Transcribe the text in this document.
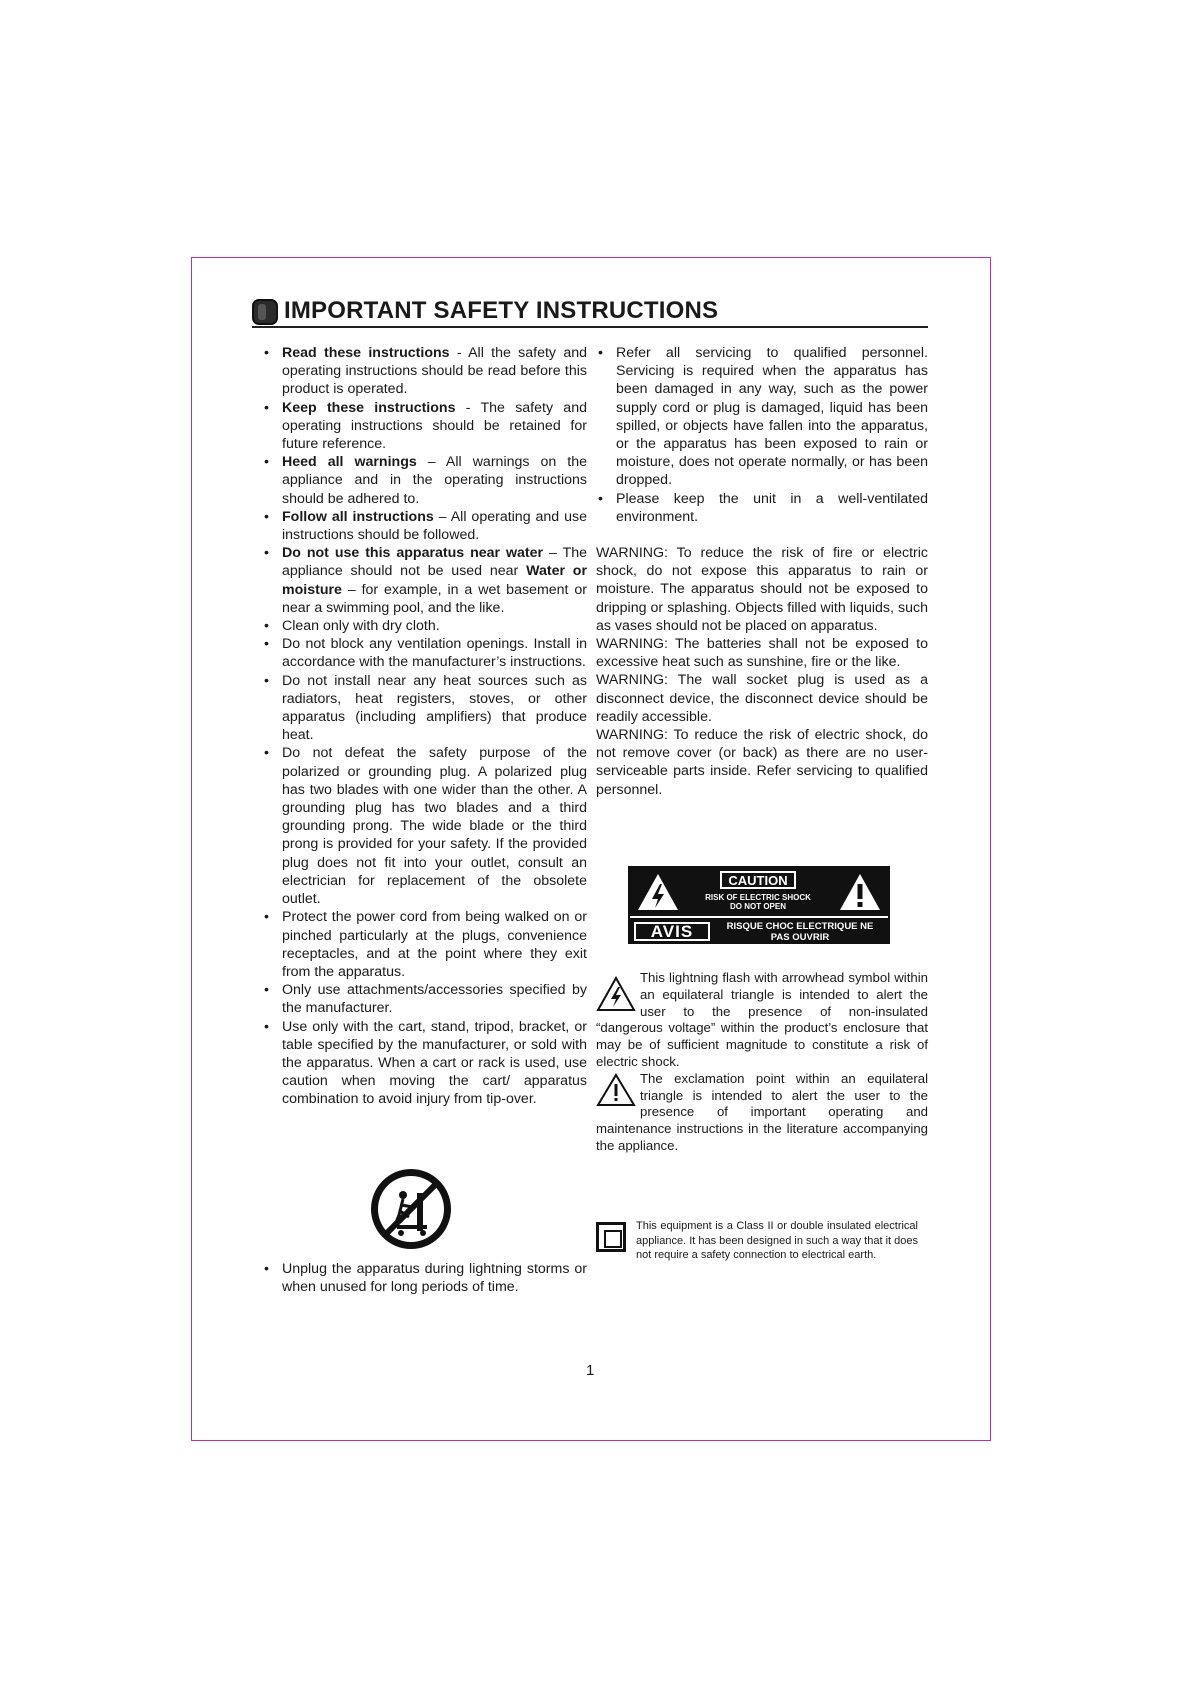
IMPORTANT SAFETY INSTRUCTIONS
• Read these instructions - All the safety and operating instructions should be read before this product is operated.
• Keep these instructions - The safety and operating instructions should be retained for future reference.
• Heed all warnings – All warnings on the appliance and in the operating instructions should be adhered to.
• Follow all instructions – All operating and use instructions should be followed.
• Do not use this apparatus near water – The appliance should not be used near Water or moisture – for example, in a wet basement or near a swimming pool, and the like.
• Clean only with dry cloth.
• Do not block any ventilation openings. Install in accordance with the manufacturer’s instructions.
• Do not install near any heat sources such as radiators, heat registers, stoves, or other apparatus (including amplifiers) that produce heat.
• Do not defeat the safety purpose of the polarized or grounding plug. A polarized plug has two blades with one wider than the other. A grounding plug has two blades and a third grounding prong. The wide blade or the third prong is provided for your safety. If the provided plug does not fit into your outlet, consult an electrician for replacement of the obsolete outlet.
• Protect the power cord from being walked on or pinched particularly at the plugs, convenience receptacles, and at the point where they exit from the apparatus.
• Only use attachments/accessories specified by the manufacturer.
• Use only with the cart, stand, tripod, bracket, or table specified by the manufacturer, or sold with the apparatus. When a cart or rack is used, use caution when moving the cart/ apparatus combination to avoid injury from tip-over.
• Unplug the apparatus during lightning storms or when unused for long periods of time.
• Refer all servicing to qualified personnel. Servicing is required when the apparatus has been damaged in any way, such as the power supply cord or plug is damaged, liquid has been spilled, or objects have fallen into the apparatus, or the apparatus has been exposed to rain or moisture, does not operate normally, or has been dropped.
• Please keep the unit in a well-ventilated environment.

WARNING: To reduce the risk of fire or electric shock, do not expose this apparatus to rain or moisture. The apparatus should not be exposed to dripping or splashing. Objects filled with liquids, such as vases should not be placed on apparatus.

WARNING: The batteries shall not be exposed to excessive heat such as sunshine, fire or the like.

WARNING: The wall socket plug is used as a disconnect device, the disconnect device should be readily accessible.

WARNING: To reduce the risk of electric shock, do not remove cover (or back) as there are no user-serviceable parts inside. Refer servicing to qualified personnel.

CAUTION
RISK OF ELECTRIC SHOCK
DO NOT OPEN
AVIS	RISQUE CHOC ELECTRIQUE NE
PAS OUVRIR

This lightning flash with arrowhead symbol within an equilateral triangle is intended to alert the user to the presence of non-insulated “dangerous voltage” within the product’s enclosure that may be of sufficient magnitude to constitute a risk of electric shock.

The exclamation point within an equilateral triangle is intended to alert the user to the presence of important operating and maintenance instructions in the literature accompanying the appliance.

This equipment is a Class II or double insulated electrical appliance. It has been designed in such a way that it does not require a safety connection to electrical earth.
1
